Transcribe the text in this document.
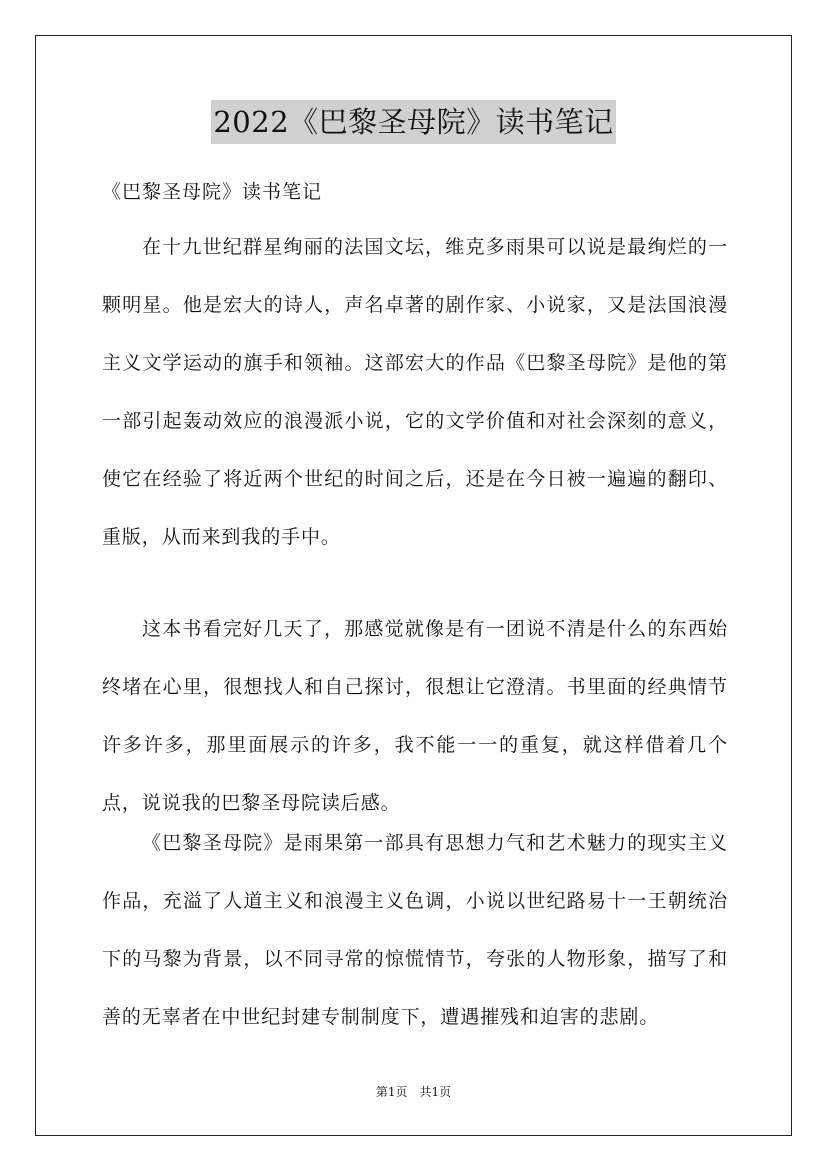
2022《巴黎圣母院》读书笔记
《巴黎圣母院》读书笔记

在十九世纪群星绚丽的法国文坛，维克多雨果可以说是最绚烂的一颗明星。他是宏大的诗人，声名卓著的剧作家、小说家，又是法国浪漫主义文学运动的旗手和领袖。这部宏大的作品《巴黎圣母院》是他的第一部引起轰动效应的浪漫派小说，它的文学价值和对社会深刻的意义，使它在经验了将近两个世纪的时间之后，还是在今日被一遍遍的翻印、重版，从而来到我的手中。

这本书看完好几天了，那感觉就像是有一团说不清是什么的东西始终堵在心里，很想找人和自己探讨，很想让它澄清。书里面的经典情节许多许多，那里面展示的许多，我不能一一的重复，就这样借着几个点，说说我的巴黎圣母院读后感。

《巴黎圣母院》是雨果第一部具有思想力气和艺术魅力的现实主义作品，充溢了人道主义和浪漫主义色调，小说以世纪路易十一王朝统治下的马黎为背景，以不同寻常的惊慌情节，夸张的人物形象，描写了和善的无辜者在中世纪封建专制制度下，遭遇摧残和迫害的悲剧。

第1页　共1页
